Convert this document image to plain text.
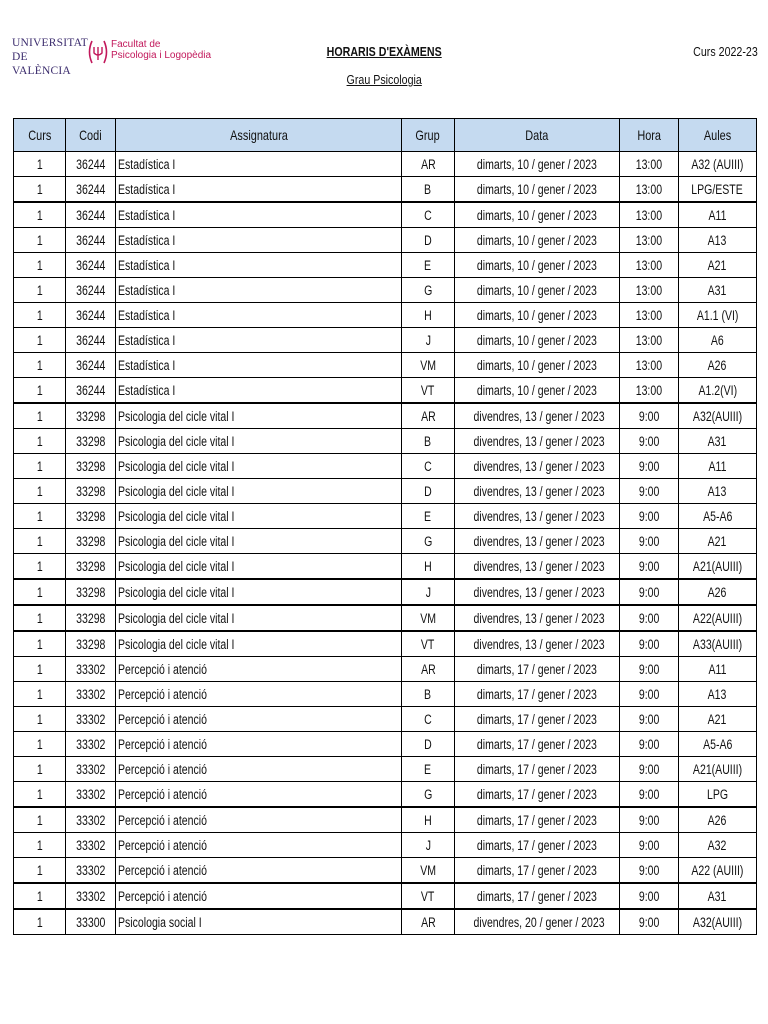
UNIVERSITAT
DE VALÈNCIA
Facultat de
Psicologia i Logopèdia	HORARIS D'EXÀMENS
Grau Psicologia
Curs 2022-23
Curs	Codi	Assignatura	Grup	Data	Hora	Aules
1	36244	Estadística I	AR	dimarts, 10 / gener / 2023	13:00	A32 (AUIII)
1	36244	Estadística I	B	dimarts, 10 / gener / 2023	13:00	LPG/ESTE
1	36244	Estadística I	C	dimarts, 10 / gener / 2023	13:00	A11
1	36244	Estadística I	D	dimarts, 10 / gener / 2023	13:00	A13
1	36244	Estadística I	E	dimarts, 10 / gener / 2023	13:00	A21
1	36244	Estadística I	G	dimarts, 10 / gener / 2023	13:00	A31
1	36244	Estadística I	H	dimarts, 10 / gener / 2023	13:00	A1.1 (VI)
1	36244	Estadística I	J	dimarts, 10 / gener / 2023	13:00	A6
1	36244	Estadística I	VM	dimarts, 10 / gener / 2023	13:00	A26
1	36244	Estadística I	VT	dimarts, 10 / gener / 2023	13:00	A1.2(VI)
1	33298	Psicologia del cicle vital I	AR	divendres, 13 / gener / 2023	9:00	A32(AUIII)
1	33298	Psicologia del cicle vital I	B	divendres, 13 / gener / 2023	9:00	A31
1	33298	Psicologia del cicle vital I	C	divendres, 13 / gener / 2023	9:00	A11
1	33298	Psicologia del cicle vital I	D	divendres, 13 / gener / 2023	9:00	A13
1	33298	Psicologia del cicle vital I	E	divendres, 13 / gener / 2023	9:00	A5-A6
1	33298	Psicologia del cicle vital I	G	divendres, 13 / gener / 2023	9:00	A21
1	33298	Psicologia del cicle vital I	H	divendres, 13 / gener / 2023	9:00	A21(AUIII)
1	33298	Psicologia del cicle vital I	J	divendres, 13 / gener / 2023	9:00	A26
1	33298	Psicologia del cicle vital I	VM	divendres, 13 / gener / 2023	9:00	A22(AUIII)
1	33298	Psicologia del cicle vital I	VT	divendres, 13 / gener / 2023	9:00	A33(AUIII)
1	33302	Percepció i atenció	AR	dimarts, 17 / gener / 2023	9:00	A11
1	33302	Percepció i atenció	B	dimarts, 17 / gener / 2023	9:00	A13
1	33302	Percepció i atenció	C	dimarts, 17 / gener / 2023	9:00	A21
1	33302	Percepció i atenció	D	dimarts, 17 / gener / 2023	9:00	A5-A6
1	33302	Percepció i atenció	E	dimarts, 17 / gener / 2023	9:00	A21(AUIII)
1	33302	Percepció i atenció	G	dimarts, 17 / gener / 2023	9:00	LPG
1	33302	Percepció i atenció	H	dimarts, 17 / gener / 2023	9:00	A26
1	33302	Percepció i atenció	J	dimarts, 17 / gener / 2023	9:00	A32
1	33302	Percepció i atenció	VM	dimarts, 17 / gener / 2023	9:00	A22 (AUIII)
1	33302	Percepció i atenció	VT	dimarts, 17 / gener / 2023	9:00	A31
1	33300	Psicologia social I	AR	divendres, 20 / gener / 2023	9:00	A32(AUIII)
